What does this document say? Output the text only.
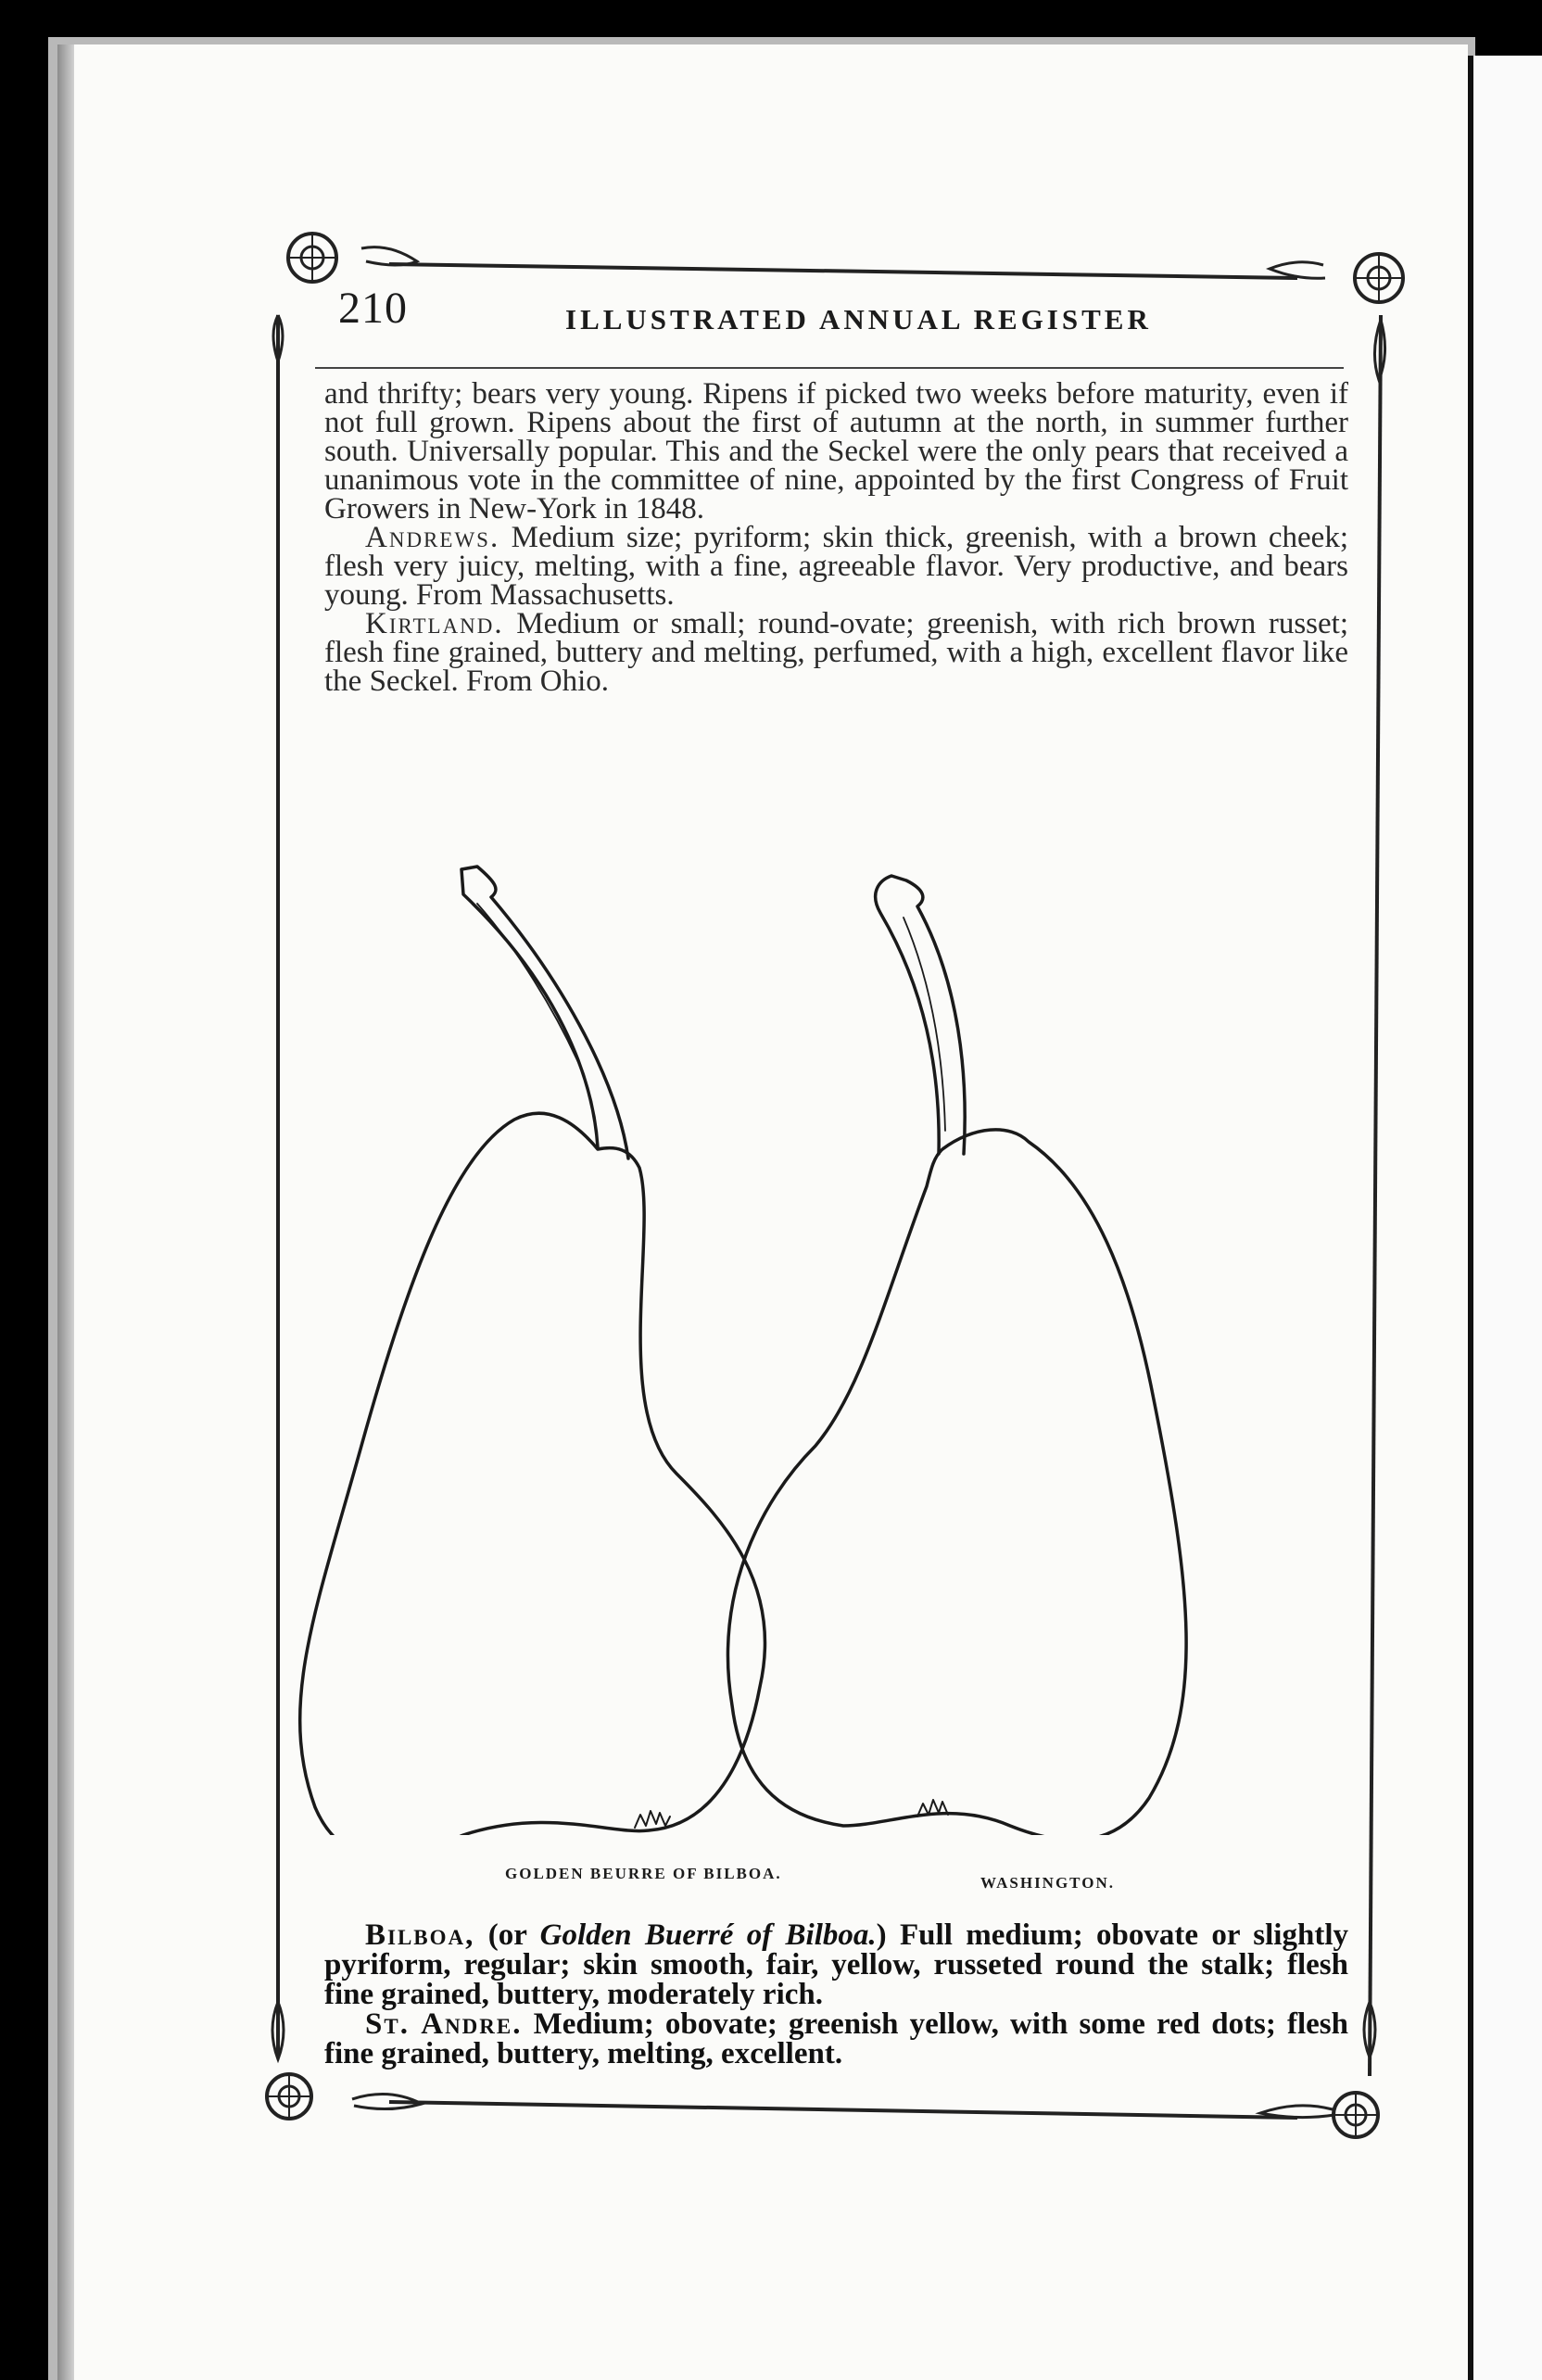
210	ILLUSTRATED ANNUAL REGISTER

and thrifty; bears very young. Ripens if picked two weeks before maturity, even if not full grown. Ripens about the first of autumn at the north, in summer further south. Universally popular. This and the Seckel were the only pears that received a unanimous vote in the committee of nine, appointed by the first Congress of Fruit Growers in New-York in 1848.

Andrews. Medium size; pyriform; skin thick, greenish, with a brown cheek; flesh very juicy, melting, with a fine, agreeable flavor. Very productive, and bears young. From Massachusetts.

Kirtland. Medium or small; round-ovate; greenish, with rich brown russet; flesh fine grained, buttery and melting, perfumed, with a high, excellent flavor like the Seckel. From Ohio.

GOLDEN BEURRE OF BILBOA.
WASHINGTON.

Bilboa, (or Golden Buerré of Bilboa.) Full medium; obovate or slightly pyriform, regular; skin smooth, fair, yellow, russeted round the stalk; flesh fine grained, buttery, moderately rich.

St. Andre. Medium; obovate; greenish yellow, with some red dots; flesh fine grained, buttery, melting, excellent.
